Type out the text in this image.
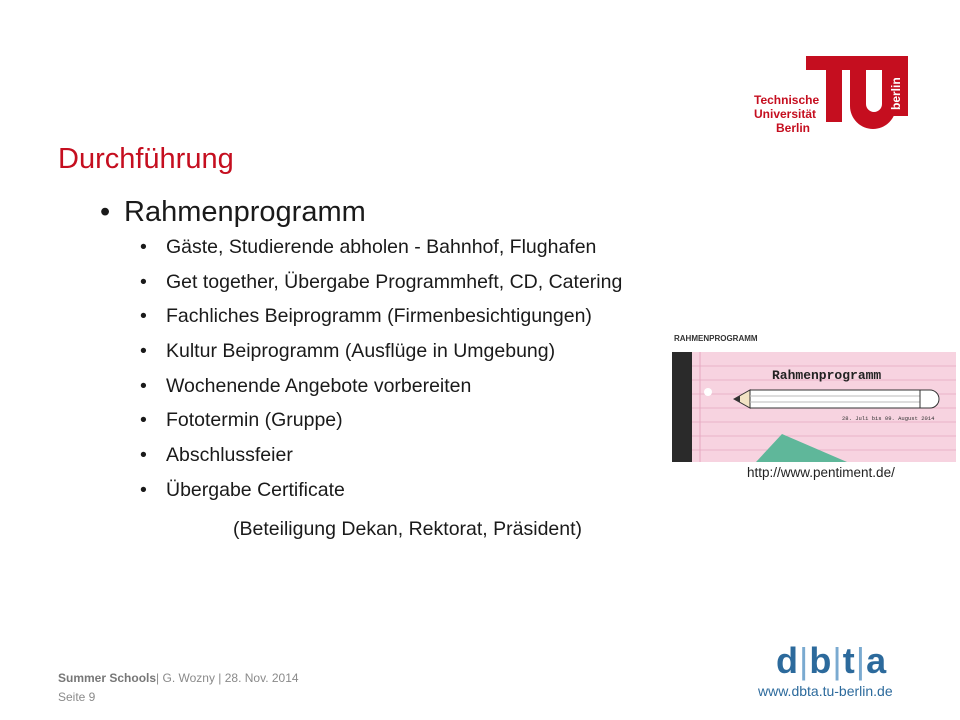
berlin
Technische
Universität
Berlin
Durchführung
• Rahmenprogramm
• Gäste, Studierende abholen - Bahnhof, Flughafen
• Get together, Übergabe Programmheft, CD, Catering
• Fachliches Beiprogramm (Firmenbesichtigungen)
• Kultur Beiprogramm (Ausflüge in Umgebung)
• Wochenende Angebote vorbereiten
• Fototermin (Gruppe)
• Abschlussfeier
• Übergabe Certificate
(Beteiligung Dekan, Rektorat, Präsident)
RAHMENPROGRAMM
Rahmenprogramm
28. Juli bis 09. August 2014
http://www.pentiment.de/
Summer Schools| G. Wozny | 28. Nov. 2014
Seite 9
d|b|t|a
www.dbta.tu-berlin.de
